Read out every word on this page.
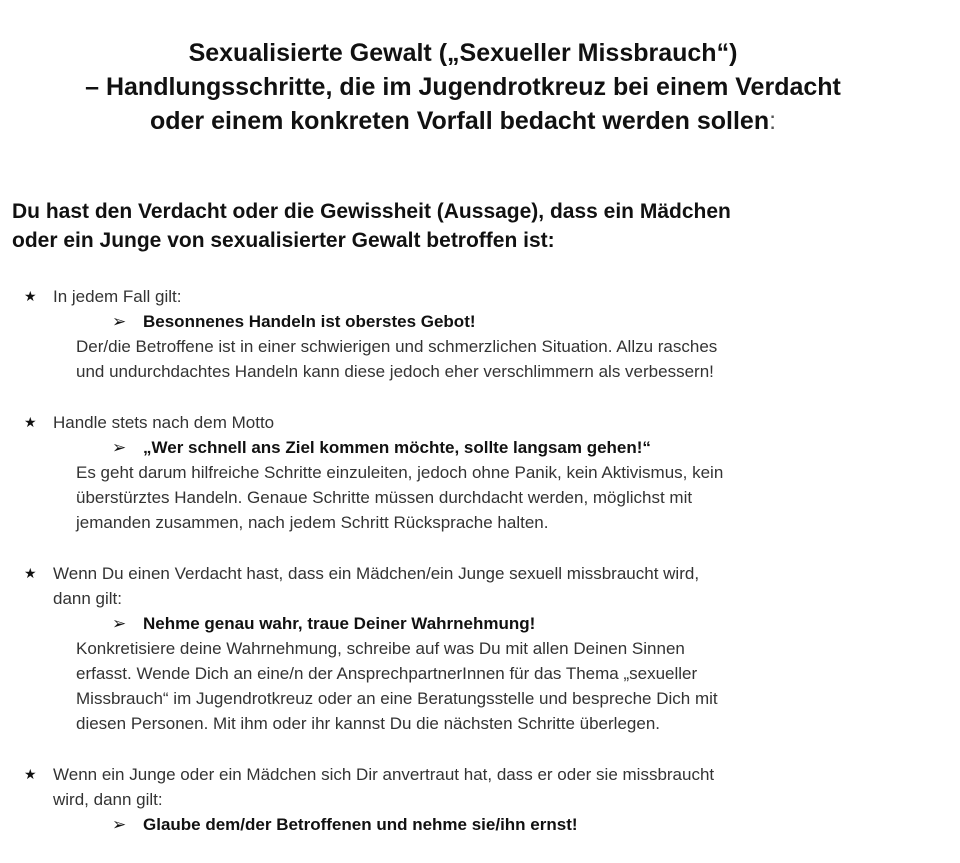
Sexualisierte Gewalt („Sexueller Missbrauch“)
– Handlungsschritte, die im Jugendrotkreuz bei einem Verdacht
oder einem konkreten Vorfall bedacht werden sollen:
Du hast den Verdacht oder die Gewissheit (Aussage), dass ein Mädchen
oder ein Junge von sexualisierter Gewalt betroffen ist:
★ In jedem Fall gilt:
➢ Besonnenes Handeln ist oberstes Gebot!
Der/die Betroffene ist in einer schwierigen und schmerzlichen Situation. Allzu rasches
und undurchdachtes Handeln kann diese jedoch eher verschlimmern als verbessern!
★ Handle stets nach dem Motto
➢ „Wer schnell ans Ziel kommen möchte, sollte langsam gehen!“
Es geht darum hilfreiche Schritte einzuleiten, jedoch ohne Panik, kein Aktivismus, kein
überstürztes Handeln. Genaue Schritte müssen durchdacht werden, möglichst mit
jemanden zusammen, nach jedem Schritt Rücksprache halten.
★ Wenn Du einen Verdacht hast, dass ein Mädchen/ein Junge sexuell missbraucht wird,
dann gilt:
➢ Nehme genau wahr, traue Deiner Wahrnehmung!
Konkretisiere deine Wahrnehmung, schreibe auf was Du mit allen Deinen Sinnen
erfasst. Wende Dich an eine/n der AnsprechpartnerInnen für das Thema „sexueller
Missbrauch“ im Jugendrotkreuz oder an eine Beratungsstelle und bespreche Dich mit
diesen Personen. Mit ihm oder ihr kannst Du die nächsten Schritte überlegen.
★ Wenn ein Junge oder ein Mädchen sich Dir anvertraut hat, dass er oder sie missbraucht
wird, dann gilt:
➢ Glaube dem/der Betroffenen und nehme sie/ihn ernst!
